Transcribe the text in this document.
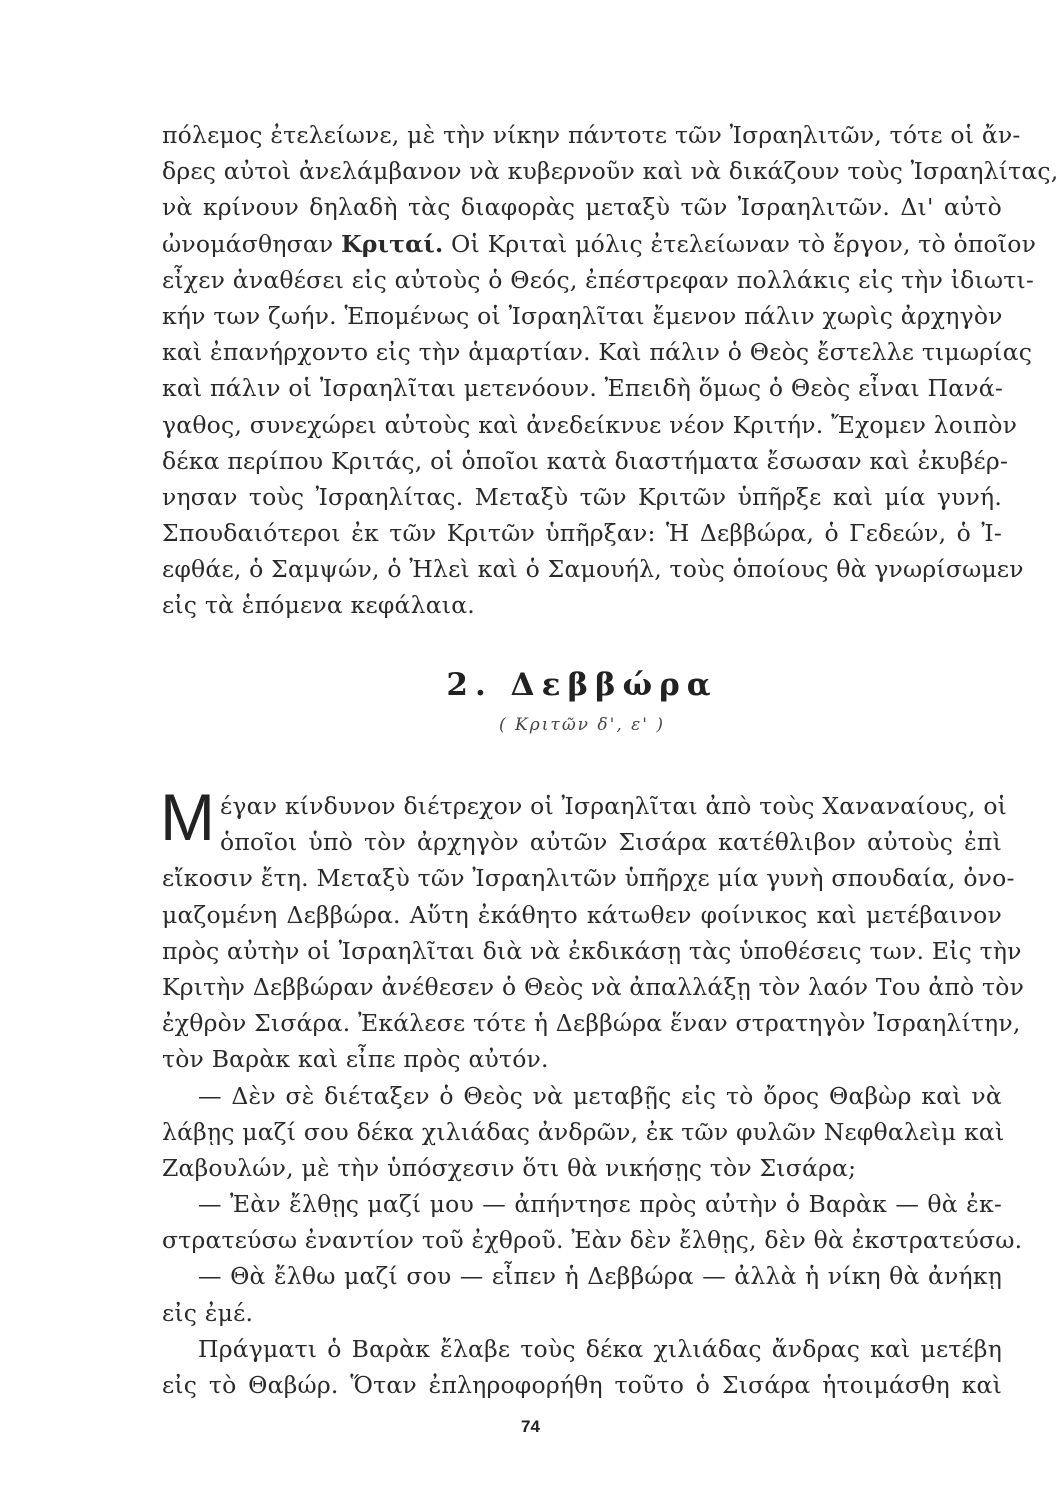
πόλεμος ἐτελείωνε, μὲ τὴν νίκην πάντοτε τῶν Ἰσραηλιτῶν, τότε οἱ ἄν-
δρες αὐτοὶ ἀνελάμβανον νὰ κυβερνοῦν καὶ νὰ δικάζουν τοὺς Ἰσραηλίτας,
νὰ κρίνουν δηλαδὴ τὰς διαφορὰς μεταξὺ τῶν Ἰσραηλιτῶν. Δι' αὐτὸ
ὠνομάσθησαν Κριταί. Οἱ Κριταὶ μόλις ἐτελείωναν τὸ ἔργον, τὸ ὁποῖον
εἶχεν ἀναθέσει εἰς αὐτοὺς ὁ Θεός, ἐπέστρεφαν πολλάκις εἰς τὴν ἰδιωτι-
κήν των ζωήν. Ἑπομένως οἱ Ἰσραηλῖται ἔμενον πάλιν χωρὶς ἀρχηγὸν
καὶ ἐπανήρχοντο εἰς τὴν ἁμαρτίαν. Καὶ πάλιν ὁ Θεὸς ἔστελλε τιμωρίας
καὶ πάλιν οἱ Ἰσραηλῖται μετενόουν. Ἐπειδὴ ὅμως ὁ Θεὸς εἶναι Πανά-
γαθος, συνεχώρει αὐτοὺς καὶ ἀνεδείκνυε νέον Κριτήν. Ἔχομεν λοιπὸν
δέκα περίπου Κριτάς, οἱ ὁποῖοι κατὰ διαστήματα ἔσωσαν καὶ ἐκυβέρ-
νησαν τοὺς Ἰσραηλίτας. Μεταξὺ τῶν Κριτῶν ὑπῆρξε καὶ μία γυνή.
Σπουδαιότεροι ἐκ τῶν Κριτῶν ὑπῆρξαν: Ἡ Δεββώρα, ὁ Γεδεών, ὁ Ἰ-
εφθάε, ὁ Σαμψών, ὁ Ἠλεὶ καὶ ὁ Σαμουήλ, τοὺς ὁποίους θὰ γνωρίσωμεν
εἰς τὰ ἑπόμενα κεφάλαια.
2. Δεββώρα
( Κριτῶν δ', ε' )
Μ έγαν κίνδυνον διέτρεχον οἱ Ἰσραηλῖται ἀπὸ τοὺς Χαναναίους, οἱ
ὁποῖοι ὑπὸ τὸν ἀρχηγὸν αὐτῶν Σισάρα κατέθλιβον αὐτοὺς ἐπὶ
εἴκοσιν ἔτη. Μεταξὺ τῶν Ἰσραηλιτῶν ὑπῆρχε μία γυνὴ σπουδαία, ὀνο-
μαζομένη Δεββώρα. Αὕτη ἐκάθητο κάτωθεν φοίνικος καὶ μετέβαινον
πρὸς αὐτὴν οἱ Ἰσραηλῖται διὰ νὰ ἐκδικάσῃ τὰς ὑποθέσεις των. Εἰς τὴν
Κριτὴν Δεββώραν ἀνέθεσεν ὁ Θεὸς νὰ ἀπαλλάξῃ τὸν λαόν Του ἀπὸ τὸν
ἐχθρὸν Σισάρα. Ἐκάλεσε τότε ἡ Δεββώρα ἕναν στρατηγὸν Ἰσραηλίτην,
τὸν Βαρὰκ καὶ εἶπε πρὸς αὐτόν.
— Δὲν σὲ διέταξεν ὁ Θεὸς νὰ μεταβῇς εἰς τὸ ὄρος Θαβὼρ καὶ νὰ
λάβῃς μαζί σου δέκα χιλιάδας ἀνδρῶν, ἐκ τῶν φυλῶν Νεφθαλεὶμ καὶ
Ζαβουλών, μὲ τὴν ὑπόσχεσιν ὅτι θὰ νικήσῃς τὸν Σισάρα;
— Ἐὰν ἔλθῃς μαζί μου — ἀπήντησε πρὸς αὐτὴν ὁ Βαρὰκ — θὰ ἐκ-
στρατεύσω ἐναντίον τοῦ ἐχθροῦ. Ἐὰν δὲν ἔλθῃς, δὲν θὰ ἐκστρατεύσω.
— Θὰ ἔλθω μαζί σου — εἶπεν ἡ Δεββώρα — ἀλλὰ ἡ νίκη θὰ ἀνήκῃ
εἰς ἐμέ.
Πράγματι ὁ Βαρὰκ ἔλαβε τοὺς δέκα χιλιάδας ἄνδρας καὶ μετέβη
εἰς τὸ Θαβώρ. Ὅταν ἐπληροφορήθη τοῦτο ὁ Σισάρα ἡτοιμάσθη καὶ
74
